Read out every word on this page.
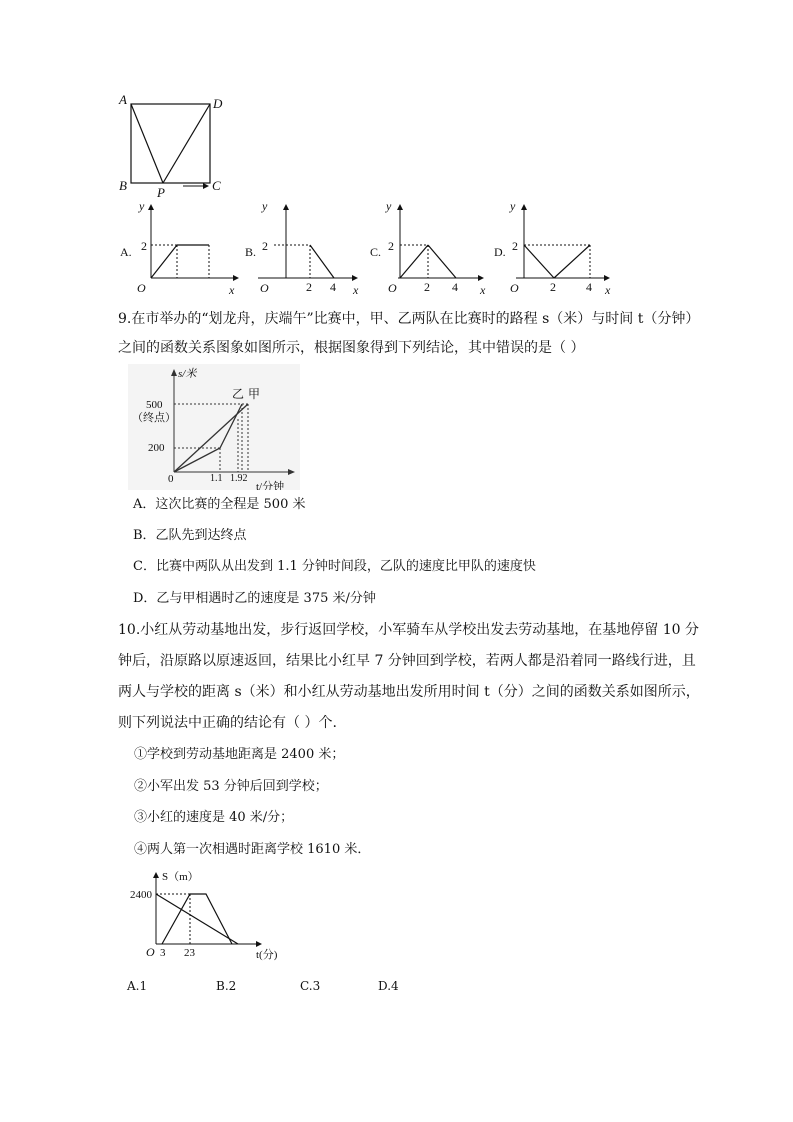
A	D
B	C
P
A.
y
x
O
2	B.
y
x
O
2
2 4
C.
y
x
O
2
2 4
D.
y
x
O
2
2	4
9.在市举办的“划龙舟，庆端午”比赛中，甲、乙两队在比赛时的路程 s（米）与时间 t（分钟）
之间的函数关系图象如图所示，根据图象得到下列结论，其中错误的是（ ）
s/米
500
（终点）
200
0	1.1 1.92
t/分钟
乙 甲
A．这次比赛的全程是 500 米
B．乙队先到达终点
C．比赛中两队从出发到 1.1 分钟时间段，乙队的速度比甲队的速度快
D．乙与甲相遇时乙的速度是 375 米/分钟
10.小红从劳动基地出发，步行返回学校，小军骑车从学校出发去劳动基地，在基地停留 10 分
钟后，沿原路以原速返回，结果比小红早 7 分钟回到学校，若两人都是沿着同一路线行进，且
两人与学校的距离 s（米）和小红从劳动基地出发所用时间 t（分）之间的函数关系如图所示，
则下列说法中正确的结论有（ ）个.
①学校到劳动基地距离是 2400 米；
②小军出发 53 分钟后回到学校；
③小红的速度是 40 米/分；
④两人第一次相遇时距离学校 1610 米．
S（m）
2400
O 3 23	t(分)
A.1	B.2	C.3	D.4
